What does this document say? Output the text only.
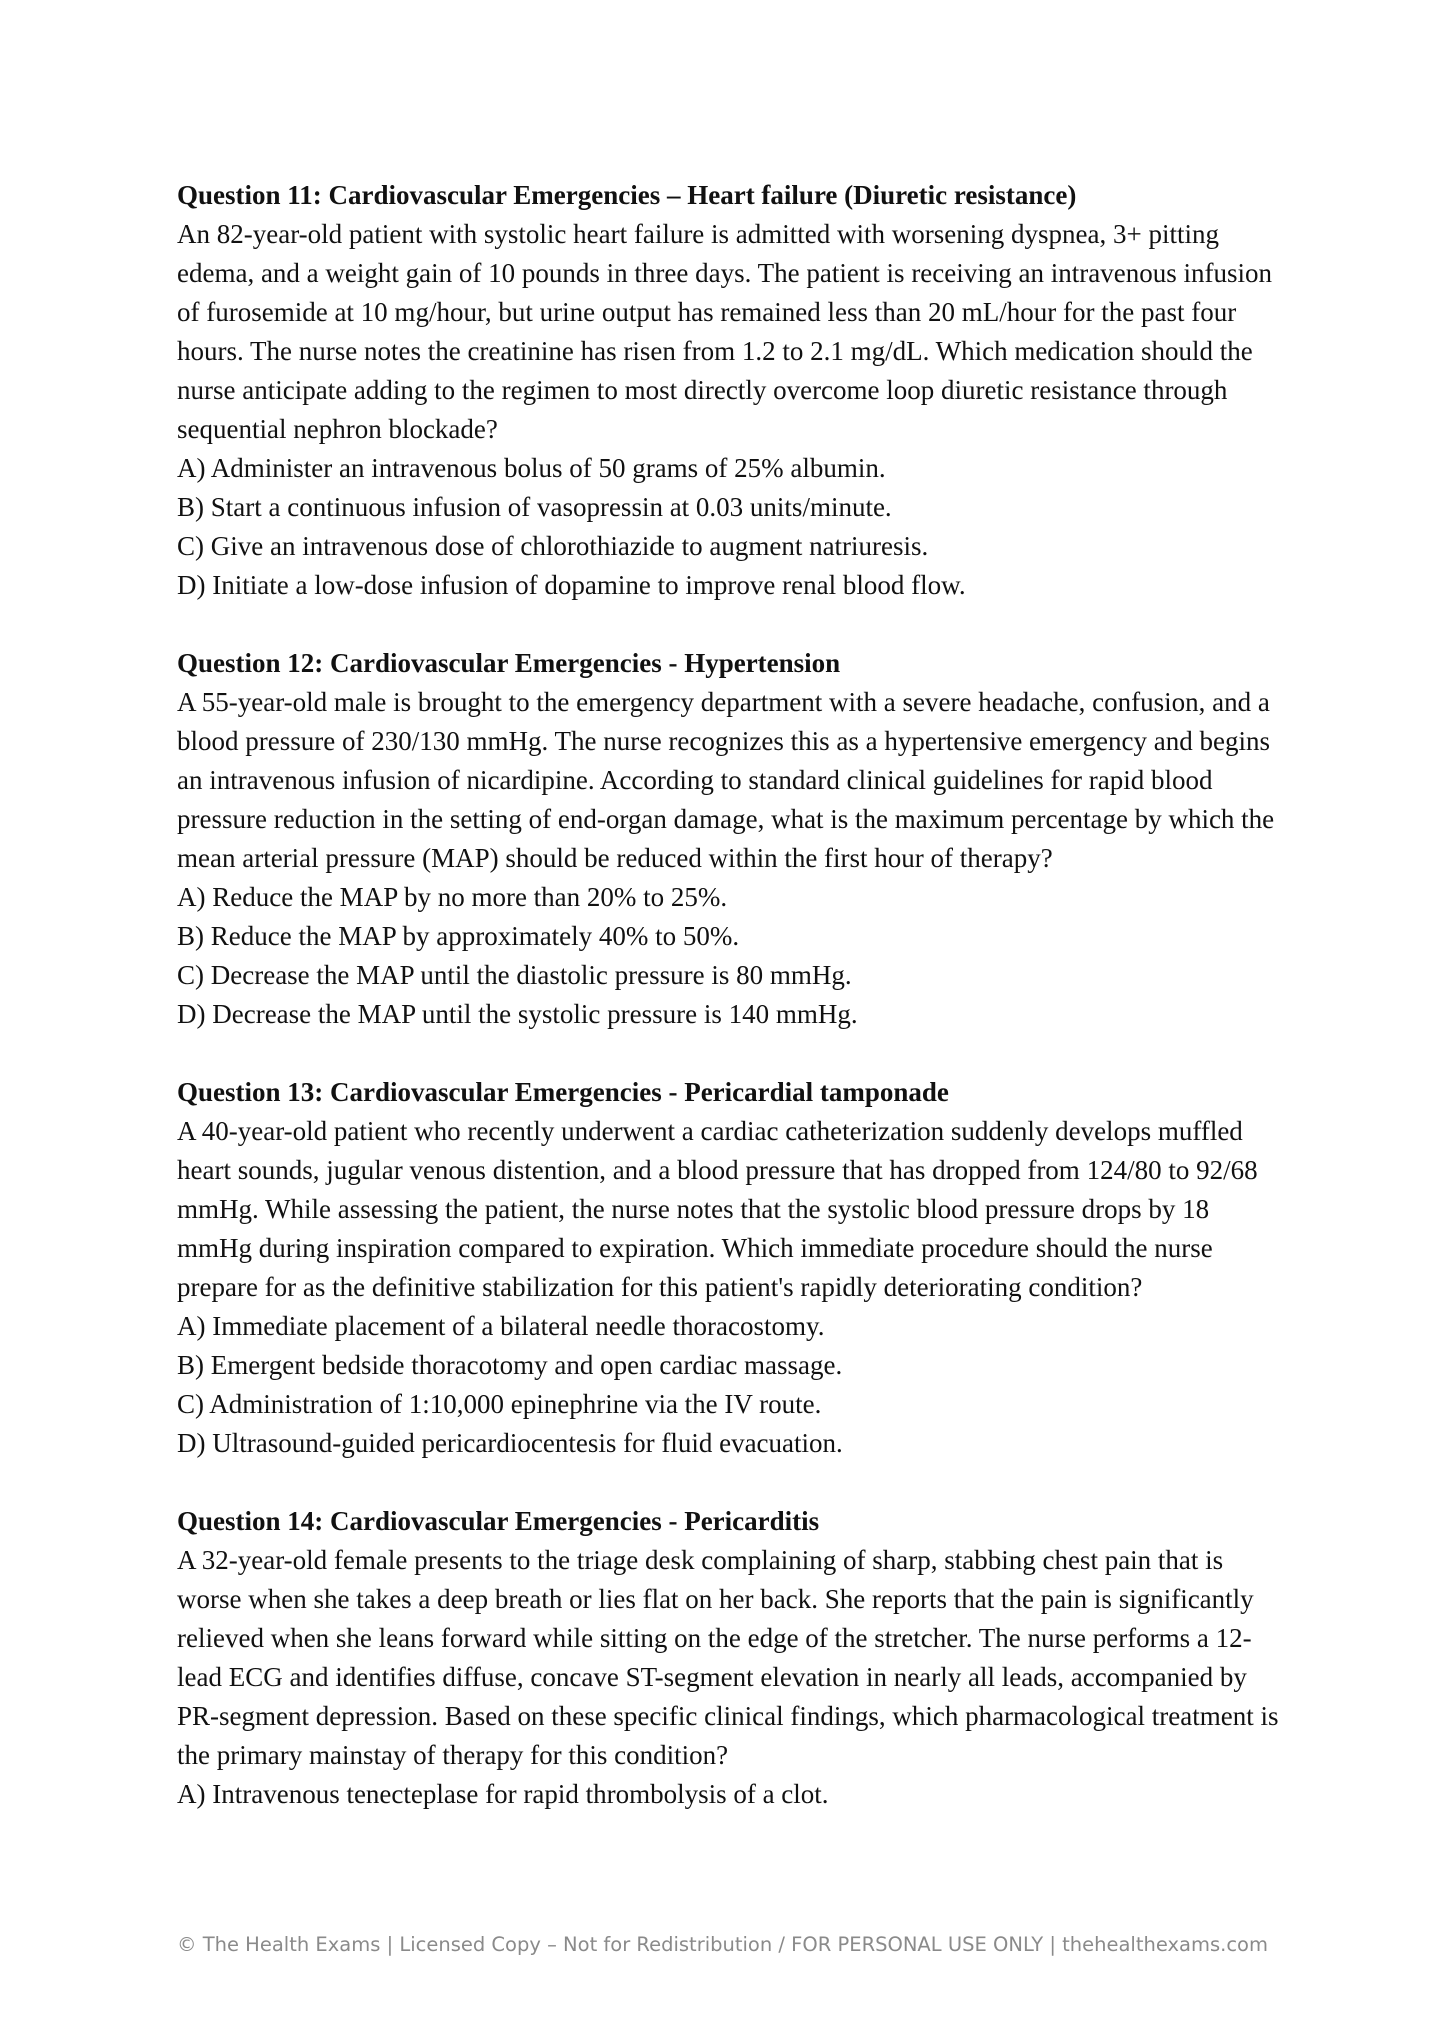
Question 11: Cardiovascular Emergencies – Heart failure (Diuretic resistance)

An 82-year-old patient with systolic heart failure is admitted with worsening dyspnea, 3+ pitting edema, and a weight gain of 10 pounds in three days. The patient is receiving an intravenous infusion of furosemide at 10 mg/hour, but urine output has remained less than 20 mL/hour for the past four hours. The nurse notes the creatinine has risen from 1.2 to 2.1 mg/dL. Which medication should the nurse anticipate adding to the regimen to most directly overcome loop diuretic resistance through sequential nephron blockade?

A) Administer an intravenous bolus of 50 grams of 25% albumin.
B) Start a continuous infusion of vasopressin at 0.03 units/minute.
C) Give an intravenous dose of chlorothiazide to augment natriuresis.
D) Initiate a low-dose infusion of dopamine to improve renal blood flow.

Question 12: Cardiovascular Emergencies - Hypertension

A 55-year-old male is brought to the emergency department with a severe headache, confusion, and a blood pressure of 230/130 mmHg. The nurse recognizes this as a hypertensive emergency and begins an intravenous infusion of nicardipine. According to standard clinical guidelines for rapid blood pressure reduction in the setting of end-organ damage, what is the maximum percentage by which the mean arterial pressure (MAP) should be reduced within the first hour of therapy?

A) Reduce the MAP by no more than 20% to 25%.
B) Reduce the MAP by approximately 40% to 50%.
C) Decrease the MAP until the diastolic pressure is 80 mmHg.
D) Decrease the MAP until the systolic pressure is 140 mmHg.

Question 13: Cardiovascular Emergencies - Pericardial tamponade

A 40-year-old patient who recently underwent a cardiac catheterization suddenly develops muffled heart sounds, jugular venous distention, and a blood pressure that has dropped from 124/80 to 92/68 mmHg. While assessing the patient, the nurse notes that the systolic blood pressure drops by 18 mmHg during inspiration compared to expiration. Which immediate procedure should the nurse prepare for as the definitive stabilization for this patient's rapidly deteriorating condition?

A) Immediate placement of a bilateral needle thoracostomy.
B) Emergent bedside thoracotomy and open cardiac massage.
C) Administration of 1:10,000 epinephrine via the IV route.
D) Ultrasound-guided pericardiocentesis for fluid evacuation.

Question 14: Cardiovascular Emergencies - Pericarditis

A 32-year-old female presents to the triage desk complaining of sharp, stabbing chest pain that is worse when she takes a deep breath or lies flat on her back. She reports that the pain is significantly relieved when she leans forward while sitting on the edge of the stretcher. The nurse performs a 12-lead ECG and identifies diffuse, concave ST-segment elevation in nearly all leads, accompanied by PR-segment depression. Based on these specific clinical findings, which pharmacological treatment is the primary mainstay of therapy for this condition?

A) Intravenous tenecteplase for rapid thrombolysis of a clot.
© The Health Exams | Licensed Copy – Not for Redistribution / FOR PERSONAL USE ONLY | thehealthexams.com
